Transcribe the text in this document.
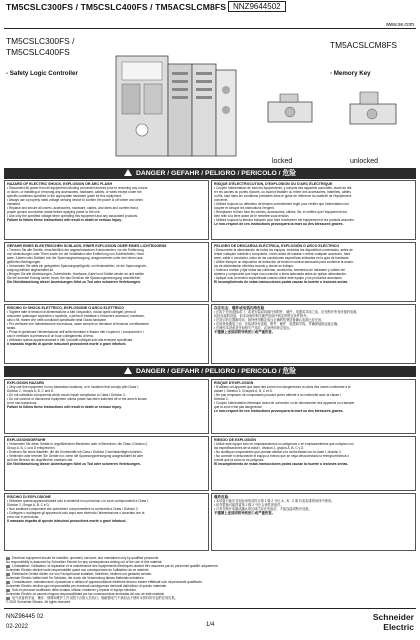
TM5CSLC300FS / TM5CSLC400FS / TM5ACSLCM8FS NNZ9644502
www.se.com
TM5CSLC300FS /
TM5CSLC400FS
TM5ACSLCM8FS
- Safety Logic Controller	- Memory Key
locked	unlocked
DANGER / GEFAHR / PELIGRO / PERICOLO / 危险
HAZARD OF ELECTRIC SHOCK, EXPLOSION OR ARC FLASH
• Disconnect all power from all equipment including connected devices prior to removing any covers
or doors, or installing or removing any accessories, hardware, cables, or wires except under the
specific conditions specified in the appropriate hardware guide for this equipment.
• Always use a properly rated voltage sensing device to confirm the power is off where and when
indicated.
• Replace and secure all covers, accessories, hardware, cables, and wires and confirm that a
proper ground connection exists before applying power to the unit.
• Use only the specified voltage when operating this equipment and any associated products.
Failure to follow these instructions will result in death or serious injury.
RISQUE D'ÉLECTROCUTION, D'EXPLOSION OU D'ARC ÉLECTRIQUE
• Coupez l'alimentation de tous les équipements, y compris des appareils raccordés, avant de reti-
rer les caches ou portes d'accès, ou avant d'installer ou retirer des accessoires, matériels, câbles
ou fils, sauf dans les conditions précisées dans le guide de référence du matériel de l'équipement
concerné.
• Utilisez toujours un détecteur de tension correctement réglé pour vérifier que l'alimentation est
coupée et lorsque les instructions l'exigent.
• Remplacez et fixez tous les caches, accessoires, câbles, fils, et vérifiez que l'équipement est
bien relié à la terre avant de le remettre sous tension.
• Utilisez toujours la tension indiquée pour faire fonctionner cet équipement et les produits associés.
Le non-respect de ces instructions provoquera la mort ou des blessures graves.
GEFAHR EINES ELEKTRISCHEN SCHLAGS, EINER EXPLOSION ODER EINES LICHTBOGENS
• Trennen Sie alle Geräte, einschließlich der angeschlossenen Komponenten, vor der Entfernung
von Abdeckungen oder Türen sowie vor der Installation oder Entfernung von Zubehörteilen, Hard-
ware, Kabeln oder Drähten von der Spannungsversorgung, ausgenommen unter den hierzu aus-
geführten Bedingungen.
• Verwenden Sie stets ein geeignetes Spannungsprüfgerät, um festzustellen, ob die Spannungsver-
sorgung wirklich abgeschaltet ist.
• Bringen Sie alle Abdeckungen, Zubehörteile, Hardware, Kabel und Drähte wieder an und stellen
Sie die korrekte Erdung sicher, bevor Sie das Gerät an die Spannungsversorgung anschließen.
Die Nichtbeachtung dieser Anweisungen führt zu Tod oder schweren Verletzungen.
PELIGRO DE DESCARGA ELÉCTRICA, EXPLOSIÓN O ARCO ELÉCTRICO
• Desconecte la alimentación de todos los equipos, incluidos los dispositivos conectados, antes de
retirar cualquier cubierta o compuerta, o bien antes de instalar o retirar cualquier accesorio, hard-
ware, cable o conductor, salvo en las condiciones específicas indicadas en la guía de hardware.
• Utilice siempre un dispositivo de detección de tensión nominal adecuado para confirmar la ausen-
cia de alimentación eléctrica cuando y donde se indique.
• Vuelva a montar y fijar todas las cubiertas, accesorios, elementos de hardware y cables del
sistema y compruebe que haya una conexión a tierra adecuada antes de aplicar alimentación.
• Aplique solo la tensión especificada cuando utilice este equipo y los productos asociados.
El incumplimiento de estas instrucciones podrá causar la muerte o lesiones serias.
RISCHIO DI SHOCK ELETTRICO, ESPLOSIONE O ARCO ELETTRICO
• Togliere tutte le tensioni di alimentazione a tutti i dispositivi, inclusi quelli collegati, prima di
rimuovere qualunque coperchio o sportello, o prima di installare o rimuovere accessori, hardware,
cavi o fili, tranne che nelle condizioni specificate nella Guida hardware.
• Per verificare che l'alimentazione sia esclusa, usare sempre un rilevatore di tensione correttamente
tarato.
• Prima di ripristinare l'alimentazione dell'unità rimontare e fissare tutti i coperchi, i componenti e i
cavi e verificare la presenza di un buon collegamento di terra.
• Utilizzare questa apparecchiatura e tutti i prodotti collegati solo alla tensione specificata.
Il mancato rispetto di queste istruzioni provocherà morte o gravi infortuni.
存在电击、爆炸或电弧闪络危险
• 在拆下任何盖板或门、或者安装或拆卸任何附件、硬件、电缆或导线之前，应先断开所有设备的电源，
包括连接的设备，但本设备的相关硬件指南中规定的特定条件除外。
• 在指示的位置和时间，始终使用额定电压正确的传感设备确认电源已经关闭。
• 在给设备通电之前，应装回所有盖板、附件、硬件、电缆和导线，并确保接地连接正确。
• 在操作本设备及任何相关产品时，必须使用规定电压。
不遵循上述说明将导致死亡或严重伤害。
DANGER / GEFAHR / PELIGRO / PERICOLO / 危险
EXPLOSION HAZARD
• Only use this equipment in non-hazardous locations, or in locations that comply with Class I,
Division 2, Groups A, B, C and D.
• Do not substitute components which would impair compliance to Class I Division 2.
• Do not connect or disconnect equipment unless power has been switched off or the area is known
to be non-hazardous.
Failure to follow these instructions will result in death or serious injury.
RISQUE D'EXPLOSION
• N'utilisez cet appareil que dans des zones non dangereuses ou dans des zones conformes à la
classe I, Division 2, Groupes A, B, C et D.
• Ne pas remplacer de composants pouvant porter atteinte à la conformité avec la classe I
Division 2.
• Coupez l'alimentation électrique avant de connecter ou de déconnecter des appareils ou s'assurer
que la zone n'est pas dangereuse.
Le non-respect de ces instructions provoquera la mort ou des blessures graves.
EXPLOSIONSGEFAHR
• Verwenden Sie diese Geräte in ungefährlichen Bereichen oder in Bereichen, die Class I Division 2,
Group A, B, C und D entsprechen.
• Ersetzen Sie keine Bauteile, die die Konformität mit Class I Division 2 beeinträchtigen könnten.
• Verbinden oder trennen Sie Geräte nur, wenn die Spannungsversorgung ausgeschaltet ist oder
sich der Bereich als ungefährlich erwiesen hat.
Die Nichtbeachtung dieser Anweisungen führt zu Tod oder schweren Verletzungen.
RIESGO DE EXPLOSIÓN
• Utilice este equipo sólo en emplazamientos no peligrosos o en emplazamientos que cumplan con
las especificaciones de la clase I, división 2, grupos A, B, C y D.
• No sustituya componentes que puedan afectar a la conformidad con la clase I, división 2.
• No conecte ni desconecte el equipo a menos que se haya desconectado la energía eléctrica o
conste que la zona no es peligrosa.
El incumplimiento de estas instrucciones podrá causar la muerte o lesiones serias.
RISCHIO DI ESPLOSIONE
• Utilizzare questa apparecchiatura solo in ambienti non pericolosi o in zone corrispondenti a Class I,
Division 2, Gruppi A, B, C e D.
• Non sostituire componenti che potrebbero compromettere la conformità a Class I Division 2.
• Collegare o scollegare gli apparecchi solo dopo aver interrotto l'alimentazione o accertato che la
zona non è pericolosa.
Il mancato rispetto di queste istruzioni provocherà morte o gravi infortuni.
爆炸危险
• 本设备只能在非危险场所或符合第 1 级 2 分区 A、B、C 和 D 组标准的场所中使用。
• 切勿替换可能损害第 1 级 2 分区合规性的组件。
• 只有在断开电源或确认该区域不存在危险后，才能连接或断开设备。
不遵循上述说明将导致死亡或严重伤害。
Electrical equipment should be installed, operated, serviced, and maintained only by qualified personnel.
No responsibility is assumed by Schneider Electric for any consequences arising out of the use of this material.
L'installation, l'utilisation, la réparation et la maintenance des équipements électriques doivent être assurées par du personnel qualifié uniquement.
Schneider Electric décline toute responsabilité quant aux conséquences de l'utilisation de ce matériel.
Elektrische Geräte dürfen nur von Fachpersonal installiert, betrieben, bedient und gewartet werden.
Schneider Electric haftet nicht für Schäden, die durch die Verwendung dieses Materials entstehen.
L'installazione, manutenzione, riparazione e utilizzo di apparecchiature elettriche devono essere effettuati solo da personale qualificato.
Schneider Electric declina ogni responsabilità per eventuali conseguenze derivanti dall'utilizzo di questo materiale.
Solo el personal cualificado debe instalar, utilizar, mantener y reparar el equipo eléctrico.
Schneider Electric no asume ninguna responsabilidad por las consecuencias derivadas del uso de este material.
电气设备的安装、操作、维修和维护工作仅限于合格人员执行。施耐德电气不承担由于使用本资料所引起的任何后果。
© 2022 Schneider Electric. All rights reserved.
NNZ96445 02
02-2022	1/4
Schneider
Electric
